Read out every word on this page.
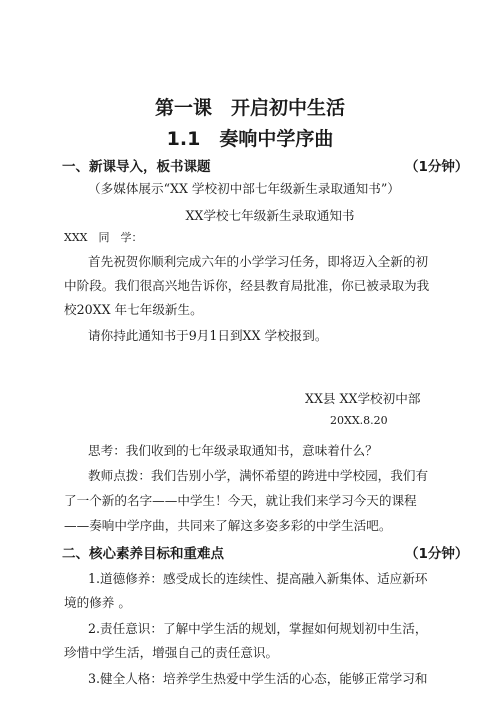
第一课　开启初中生活
1.1　奏响中学序曲
一、新课导入，板书课题	（1分钟）
（多媒体展示“XX 学校初中部七年级新生录取通知书”）
XX学校七年级新生录取通知书
XXX　同　学：
首先祝贺你顺利完成六年的小学学习任务，即将迈入全新的初
中阶段。我们很高兴地告诉你，经县教育局批准，你已被录取为我
校20XX 年七年级新生。
请你持此通知书于9月1日到XX 学校报到。
XX县 XX学校初中部
20XX.8.20
思考：我们收到的七年级录取通知书，意味着什么？
教师点拨：我们告别小学，满怀希望的跨进中学校园，我们有
了一个新的名字——中学生！今天，就让我们来学习今天的课程
——奏响中学序曲，共同来了解这多姿多彩的中学生活吧。
二、核心素养目标和重难点	（1分钟）
1.道德修养：感受成长的连续性、提高融入新集体、适应新环
境的修养 。
2.责任意识：了解中学生活的规划，掌握如何规划初中生活，
珍惜中学生活，增强自己的责任意识。
3.健全人格：培养学生热爱中学生活的心态，能够正常学习和
